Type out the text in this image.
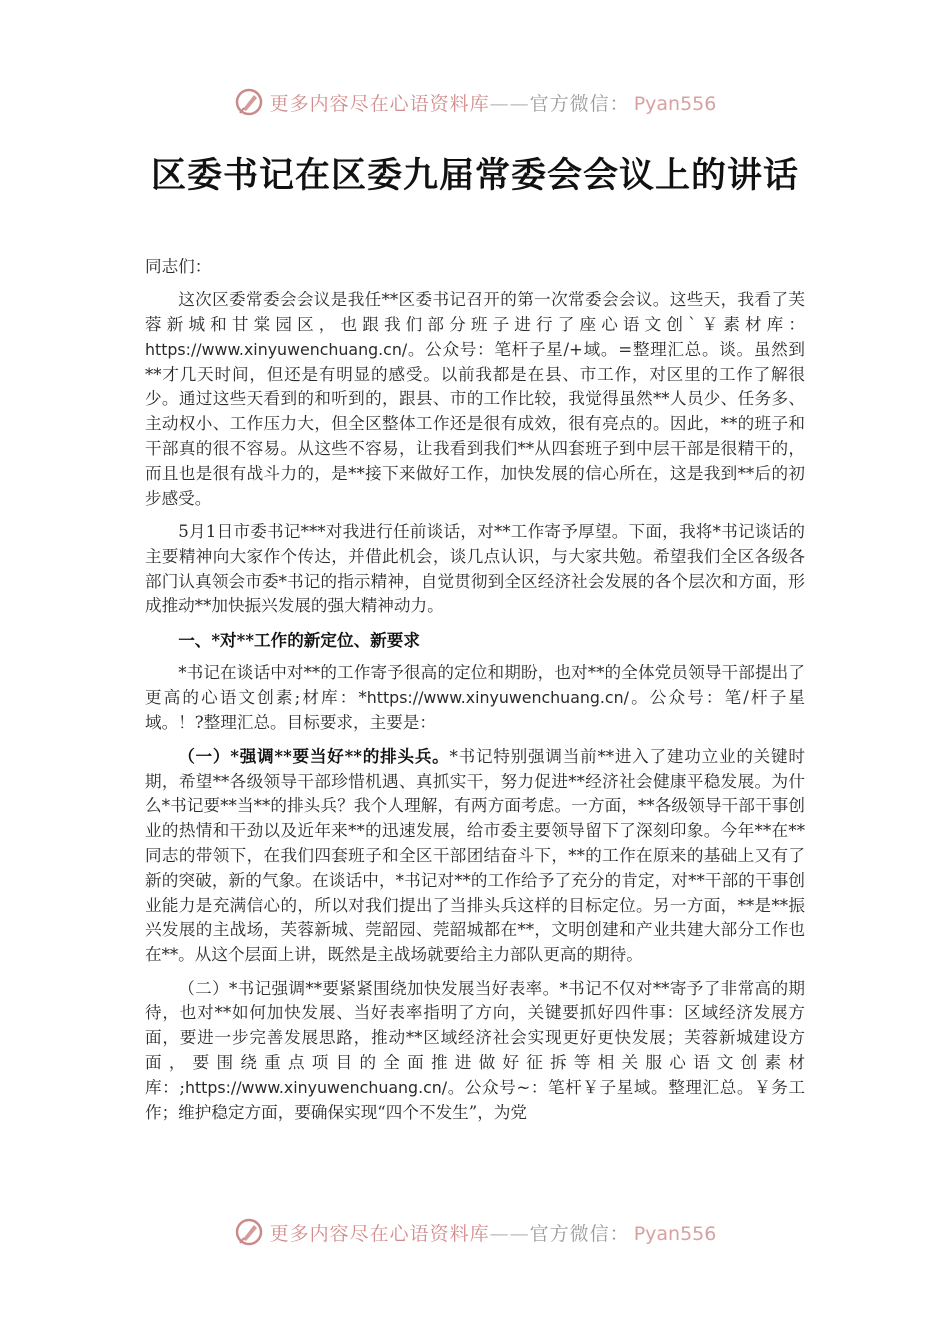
更多内容尽在心语资料库——官方微信： Pyan556
区委书记在区委九届常委会会议上的讲话

同志们：

这次区委常委会会议是我任**区委书记召开的第一次常委会会议。这些天，我看了芙蓉新城和甘棠园区，也跟我们部分班子进行了座心语文创`￥素材库：https://www.xinyuwenchuang.cn/。公众号：笔杆子星/+域。=整理汇总。谈。虽然到**才几天时间，但还是有明显的感受。以前我都是在县、市工作，对区里的工作了解很少。通过这些天看到的和听到的，跟县、市的工作比较，我觉得虽然**人员少、任务多、主动权小、工作压力大，但全区整体工作还是很有成效，很有亮点的。因此，**的班子和干部真的很不容易。从这些不容易，让我看到我们**从四套班子到中层干部是很精干的，而且也是很有战斗力的，是**接下来做好工作，加快发展的信心所在，这是我到**后的初步感受。

5月1日市委书记***对我进行任前谈话，对**工作寄予厚望。下面，我将*书记谈话的主要精神向大家作个传达，并借此机会，谈几点认识，与大家共勉。希望我们全区各级各部门认真领会市委*书记的指示精神，自觉贯彻到全区经济社会发展的各个层次和方面，形成推动**加快振兴发展的强大精神动力。

一、*对**工作的新定位、新要求

*书记在谈话中对**的工作寄予很高的定位和期盼，也对**的全体党员领导干部提出了更高的心语文创素;材库：*https://www.xinyuwenchuang.cn/。公众号：笔/杆子星域。！?整理汇总。目标要求，主要是：

（一）*强调**要当好**的排头兵。*书记特别强调当前**进入了建功立业的关键时期，希望**各级领导干部珍惜机遇、真抓实干，努力促进**经济社会健康平稳发展。为什么*书记要**当**的排头兵？我个人理解，有两方面考虑。一方面，**各级领导干部干事创业的热情和干劲以及近年来**的迅速发展，给市委主要领导留下了深刻印象。今年**在**同志的带领下，在我们四套班子和全区干部团结奋斗下，**的工作在原来的基础上又有了新的突破，新的气象。在谈话中，*书记对**的工作给予了充分的肯定，对**干部的干事创业能力是充满信心的，所以对我们提出了当排头兵这样的目标定位。另一方面，**是**振兴发展的主战场，芙蓉新城、莞韶园、莞韶城都在**，文明创建和产业共建大部分工作也在**。从这个层面上讲，既然是主战场就要给主力部队更高的期待。

（二）*书记强调**要紧紧围绕加快发展当好表率。*书记不仅对**寄予了非常高的期待，也对**如何加快发展、当好表率指明了方向，关键要抓好四件事：区域经济发展方面，要进一步完善发展思路，推动**区域经济社会实现更好更快发展；芙蓉新城建设方面，要围绕重点项目的全面推进做好征拆等相关服心语文创素材库：;https://www.xinyuwenchuang.cn/。公众号~：笔杆￥子星域。整理汇总。￥务工作；维护稳定方面，要确保实现“四个不发生”，为党

更多内容尽在心语资料库——官方微信： Pyan556
